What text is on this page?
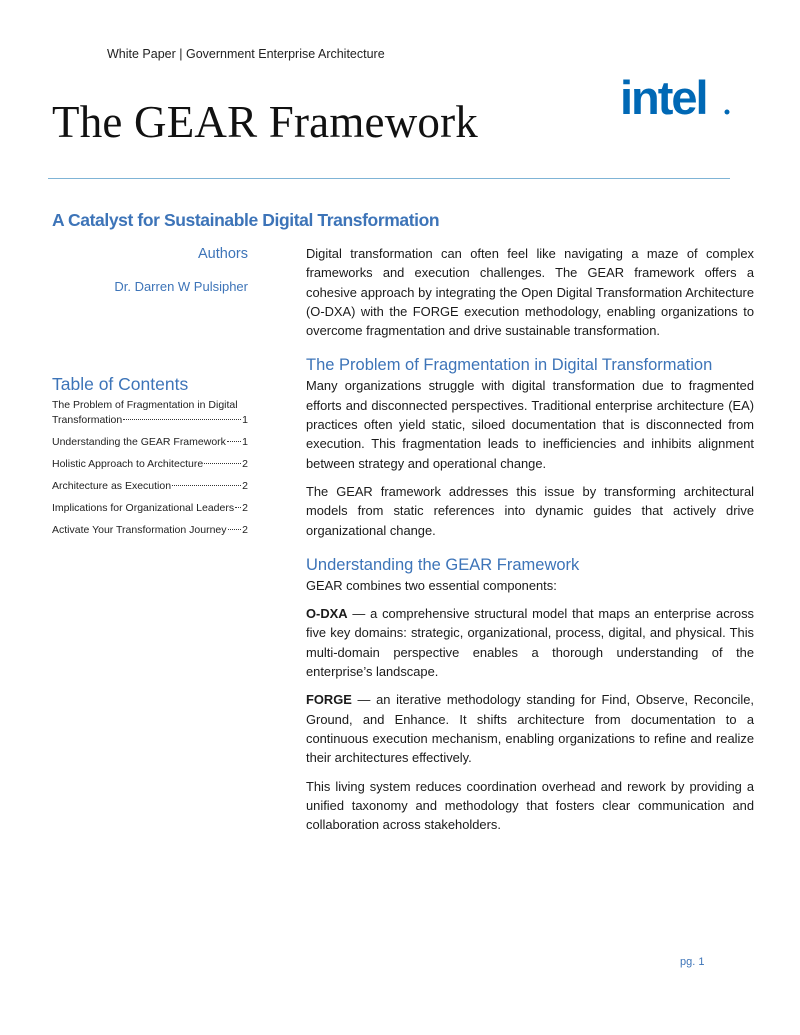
White Paper | Government Enterprise Architecture
The GEAR Framework	intel
A Catalyst for Sustainable Digital Transformation
Authors
Dr. Darren W Pulsipher
Table of Contents
The Problem of Fragmentation in Digital
Transformation	1
Understanding the GEAR Framework 1
Holistic Approach to Architecture	2
Architecture as Execution	2
Implications for Organizational Leaders 2
Activate Your Transformation Journey 2

Digital transformation can often feel like navigating a maze of complex frameworks and execution challenges. The GEAR framework offers a cohesive approach by integrating the Open Digital Transformation Architecture (O-DXA) with the FORGE execution methodology, enabling organizations to overcome fragmentation and drive sustainable transformation.

The Problem of Fragmentation in Digital Transformation

Many organizations struggle with digital transformation due to fragmented efforts and disconnected perspectives. Traditional enterprise architecture (EA) practices often yield static, siloed documentation that is disconnected from execution. This fragmentation leads to inefficiencies and inhibits alignment between strategy and operational change.

The GEAR framework addresses this issue by transforming architectural models from static references into dynamic guides that actively drive organizational change.

Understanding the GEAR Framework

GEAR combines two essential components:

O-DXA — a comprehensive structural model that maps an enterprise across five key domains: strategic, organizational, process, digital, and physical. This multi-domain perspective enables a thorough understanding of the enterprise’s landscape.

FORGE — an iterative methodology standing for Find, Observe, Reconcile, Ground, and Enhance. It shifts architecture from documentation to a continuous execution mechanism, enabling organizations to refine and realize their architectures effectively.

This living system reduces coordination overhead and rework by providing a unified taxonomy and methodology that fosters clear communication and collaboration across stakeholders.

pg. 1
